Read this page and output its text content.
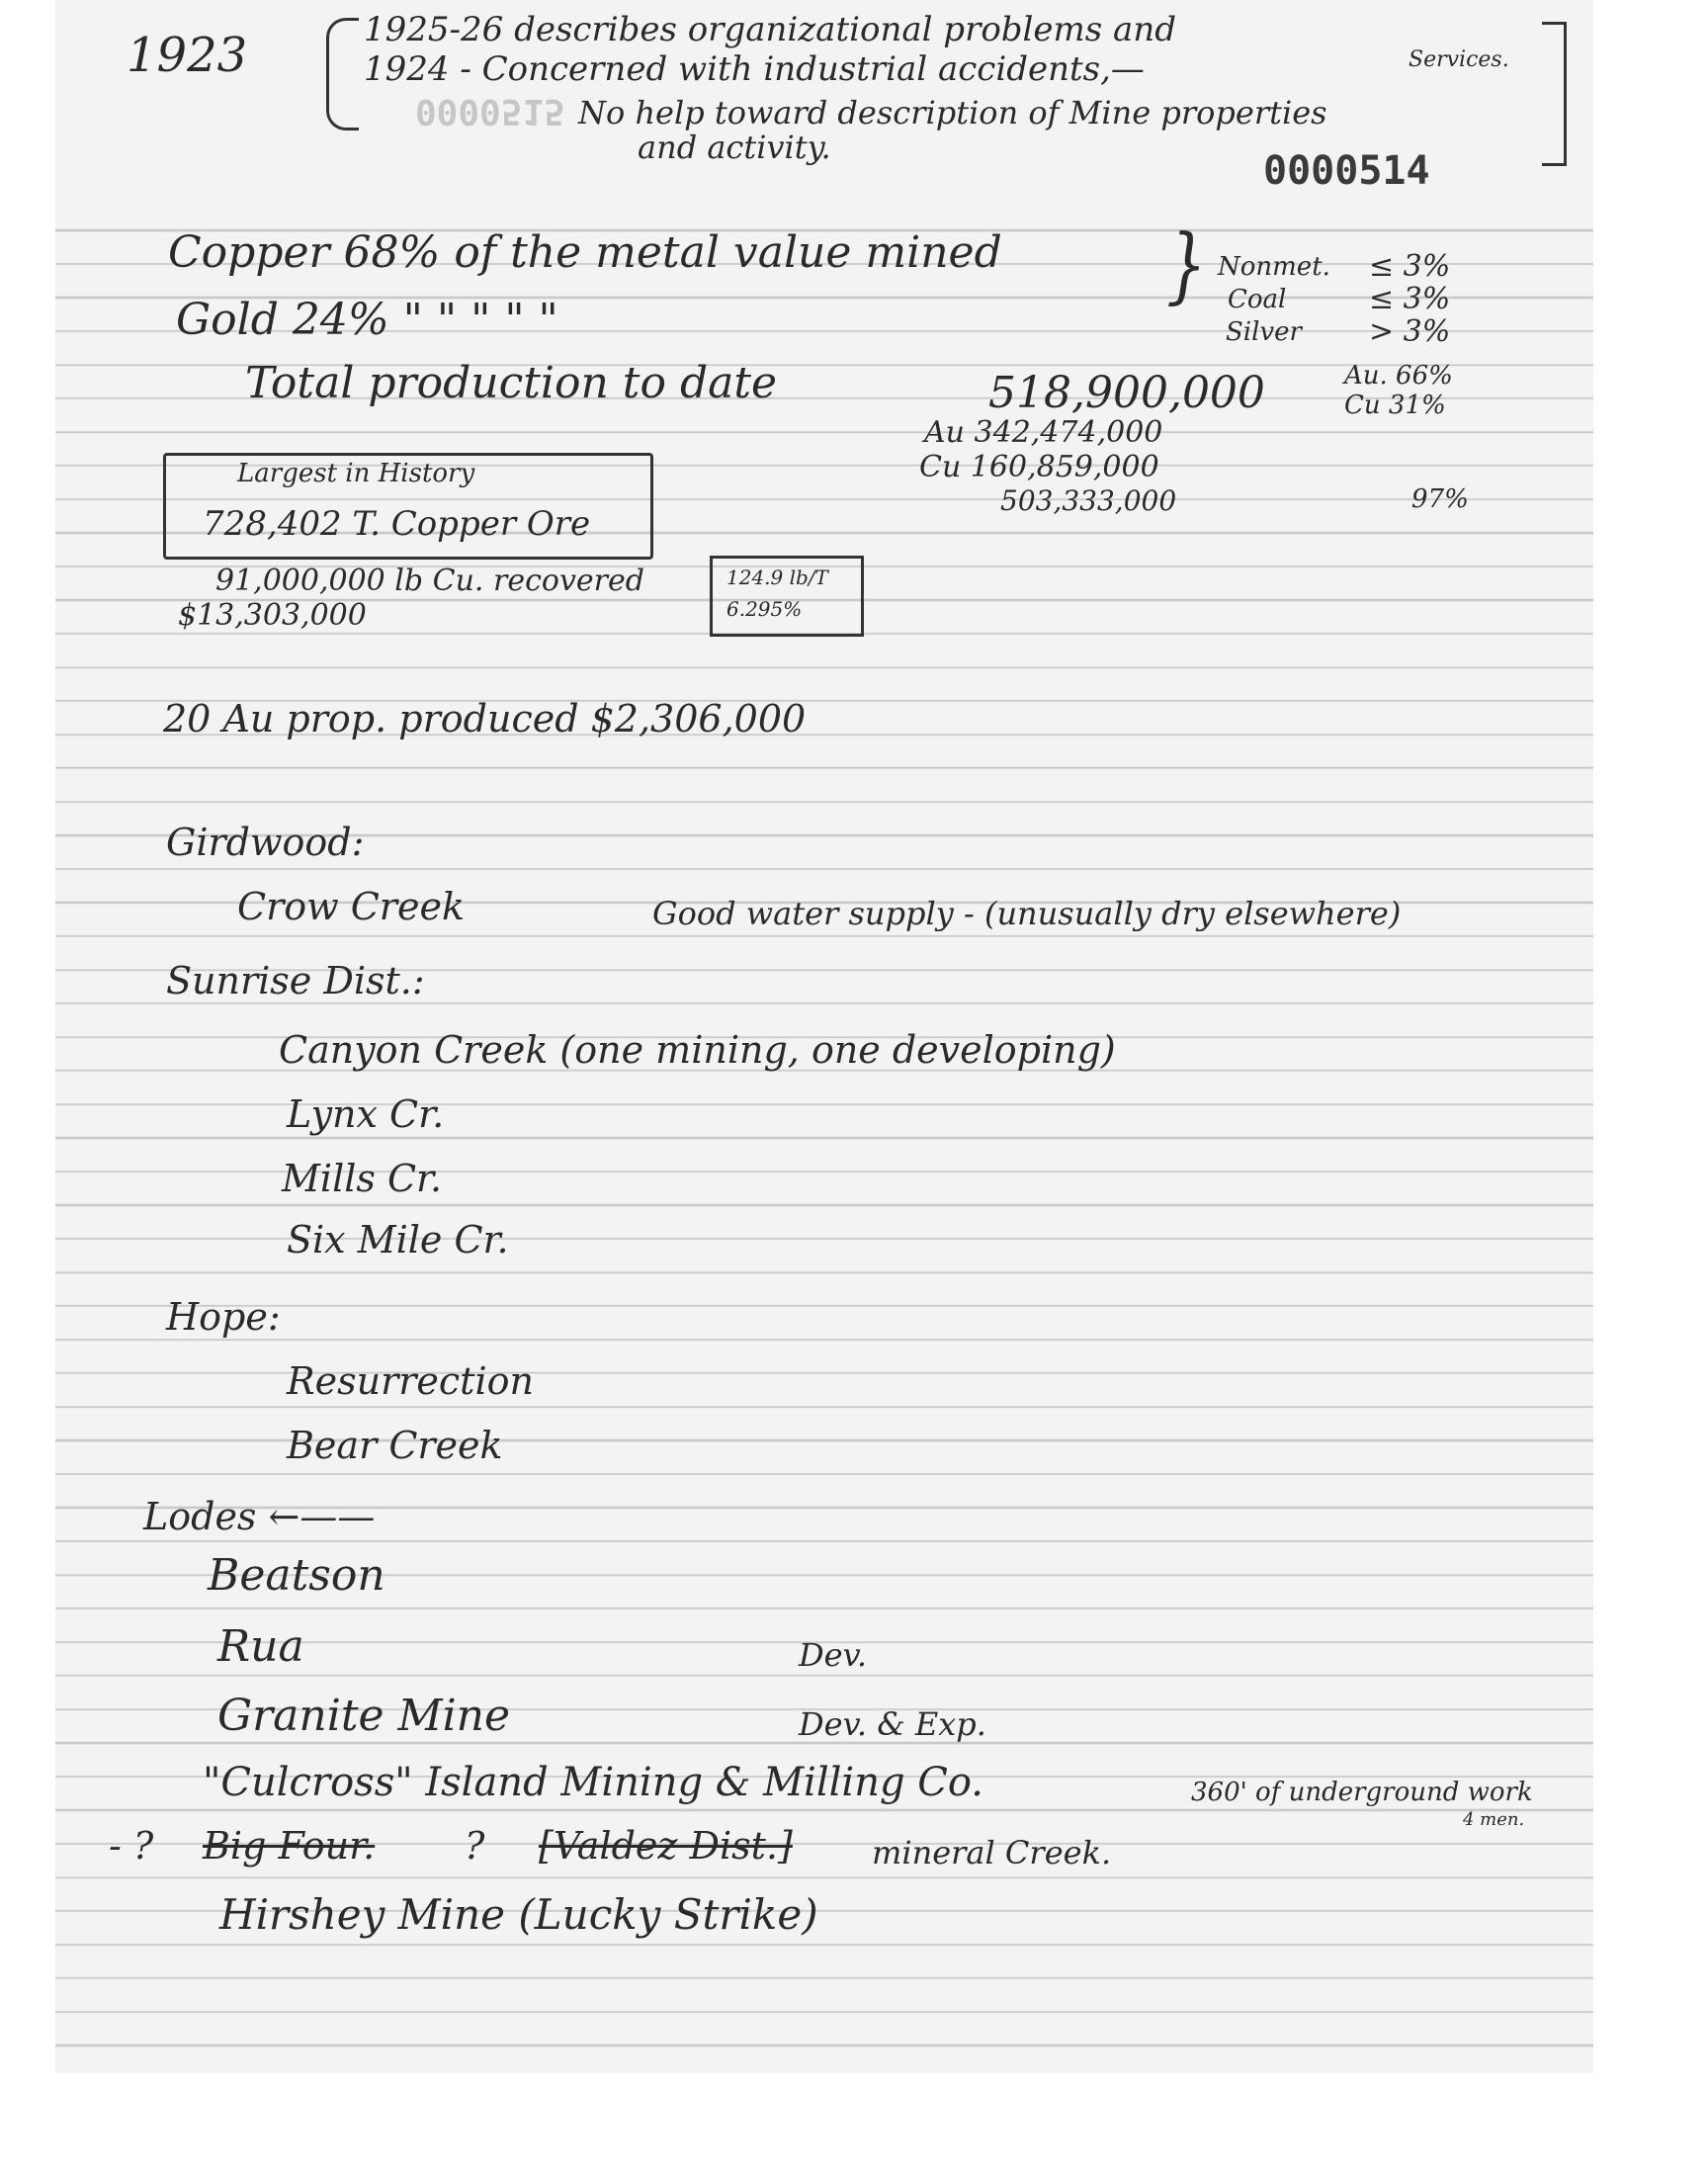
1923	1925-26 describes organizational problems and
1924 - Concerned with industrial accidents,—	Services.
No help toward description of Mine properties
and activity.
0000515
0000514
Copper 68% of the metal value mined
Gold 24% " " " " "
} Nonmet. ≤ 3%
Coal	≤ 3%
Silver > 3%
Total production to date	518,900,000	Au. 66%
Cu 31%
Au 342,474,000
Cu 160,859,000
503,333,000	97%
Largest in History
728,402 T. Copper Ore
91,000,000 lb Cu. recovered
$13,303,000
124.9 lb/T
6.295%
20 Au prop. produced $2,306,000
Girdwood:
Crow Creek	Good water supply - (unusually dry elsewhere)
Sunrise Dist.:
Canyon Creek (one mining, one developing)
Lynx Cr.
Mills Cr.
Six Mile Cr.
Hope:
Resurrection
Bear Creek
Lodes ←——
Beatson
Rua	Dev.
Granite Mine	Dev. & Exp.
"Culcross" Island Mining & Milling Co.	360' of underground work
4 men.
- ? Big Four. ? [Valdez Dist.]	mineral Creek.
Hirshey Mine (Lucky Strike)
